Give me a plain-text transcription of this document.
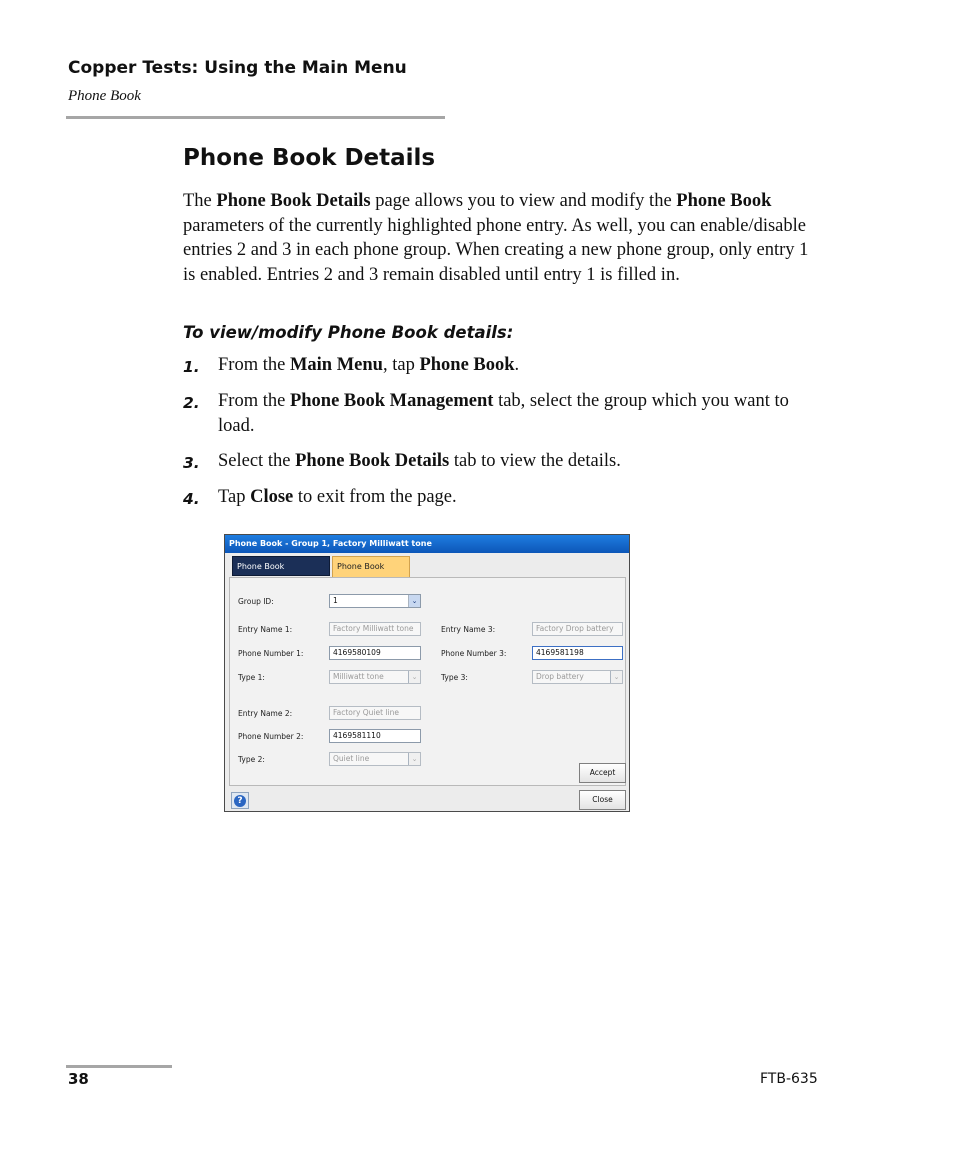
Copper Tests: Using the Main Menu
Phone Book
Phone Book Details
The Phone Book Details page allows you to view and modify the Phone Book parameters of the currently highlighted phone entry. As well, you can enable/disable entries 2 and 3 in each phone group. When creating a new phone group, only entry 1 is enabled. Entries 2 and 3 remain disabled until entry 1 is filled in.
To view/modify Phone Book details:
1. From the Main Menu, tap Phone Book.
2. From the Phone Book Management tab, select the group which you want to load.
3. Select the Phone Book Details tab to view the details.
4. Tap Close to exit from the page.
Phone Book - Group 1, Factory Milliwatt tone
Phone Book	Phone Book
Group ID:	1	⌄
Entry Name 1:	Factory Milliwatt tone
Phone Number 1:	4169580109
Type 1:	Milliwatt tone	⌄
Entry Name 3:	Factory Drop battery
Phone Number 3:	4169581198
Type 3:	Drop battery	⌄
Entry Name 2:	Factory Quiet line
Phone Number 2:	4169581110
Type 2:	Quiet line	⌄
Accept
?	Close
38	FTB-635
